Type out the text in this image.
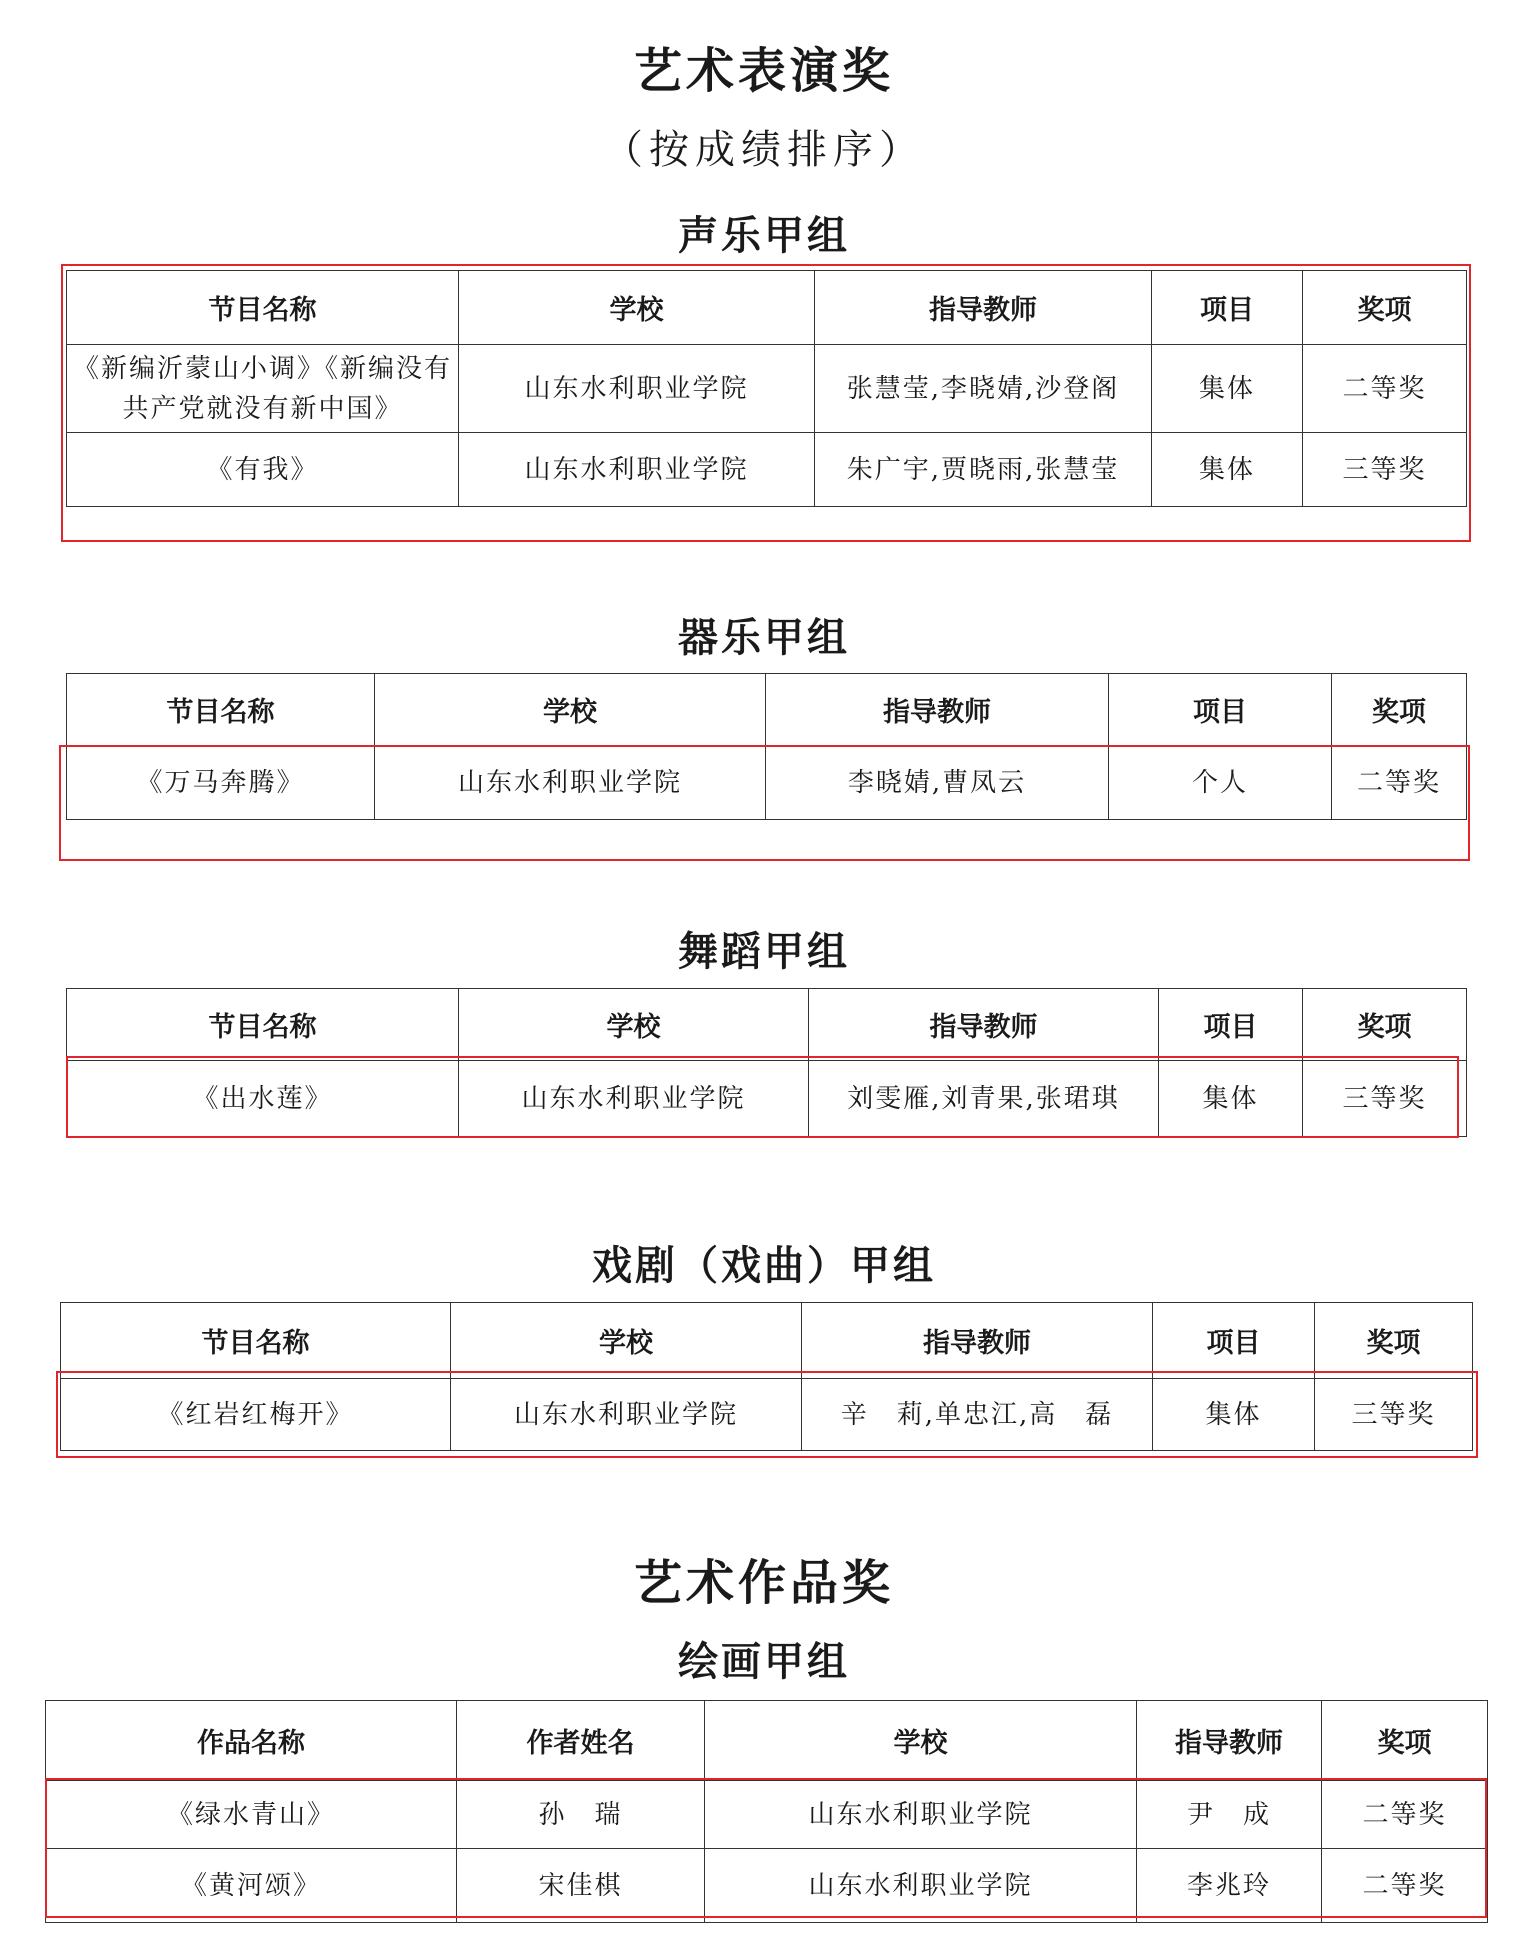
艺术表演奖
（按成绩排序）
声乐甲组
节目名称	学校	指导教师	项目	奖项
《新编沂蒙山小调》《新编没有共产党就没有新中国》	山东水利职业学院	张慧莹,李晓婧,沙登阁	集体	二等奖
《有我》	山东水利职业学院	朱广宇,贾晓雨,张慧莹	集体	三等奖
器乐甲组
节目名称	学校	指导教师	项目	奖项
《万马奔腾》	山东水利职业学院	李晓婧,曹凤云	个人	二等奖
舞蹈甲组
节目名称	学校	指导教师	项目	奖项
《出水莲》	山东水利职业学院	刘雯雁,刘青果,张珺琪	集体	三等奖
戏剧（戏曲）甲组
节目名称	学校	指导教师	项目	奖项
《红岩红梅开》	山东水利职业学院	辛　莉,单忠江,高　磊	集体	三等奖
艺术作品奖
绘画甲组
作品名称	作者姓名	学校	指导教师	奖项
《绿水青山》	孙　瑞	山东水利职业学院	尹　成	二等奖
《黄河颂》	宋佳棋	山东水利职业学院	李兆玲	二等奖
